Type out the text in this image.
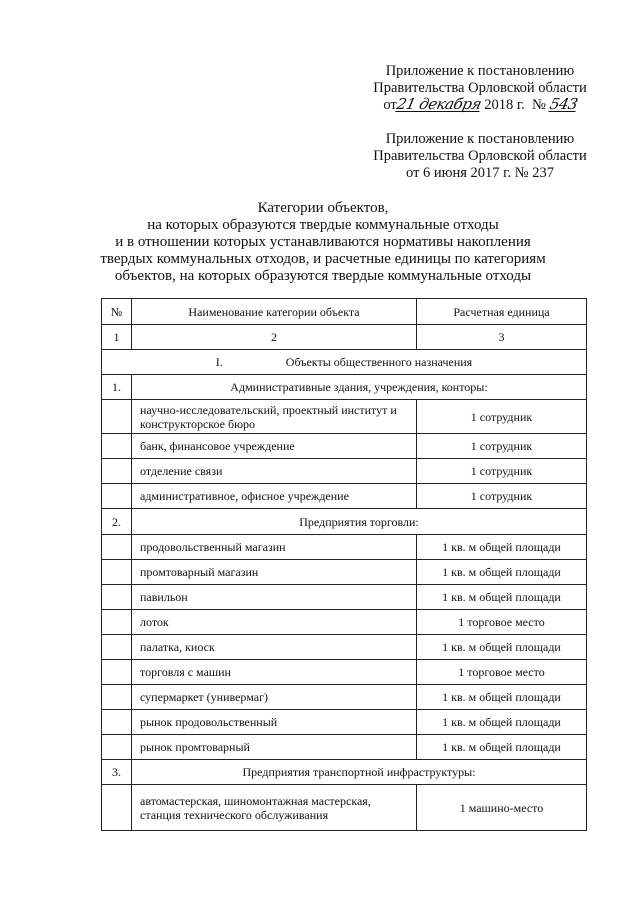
Приложение к постановлению
Правительства Орловской области
от21 декабря 2018 г. № 543
Приложение к постановлению
Правительства Орловской области
от 6 июня 2017 г. № 237
Категории объектов,
на которых образуются твердые коммунальные отходы
и в отношении которых устанавливаются нормативы накопления
твердых коммунальных отходов, и расчетные единицы по категориям
объектов, на которых образуются твердые коммунальные отходы
№	Наименование категории объекта	Расчетная единица
1	2	3
I. Объекты общественного назначения		
1.	Административные здания, учреждения, конторы:	
	научно-исследовательский, проектный институт и конструкторское бюро	1 сотрудник
	банк, финансовое учреждение	1 сотрудник
	отделение связи	1 сотрудник
	административное, офисное учреждение	1 сотрудник
2.	Предприятия торговли:	
	продовольственный магазин	1 кв. м общей площади
	промтоварный магазин	1 кв. м общей площади
	павильон	1 кв. м общей площади
	лоток	1 торговое место
	палатка, киоск	1 кв. м общей площади
	торговля с машин	1 торговое место
	супермаркет (универмаг)	1 кв. м общей площади
	рынок продовольственный	1 кв. м общей площади
	рынок промтоварный	1 кв. м общей площади
3.	Предприятия транспортной инфраструктуры:	
	автомастерская, шиномонтажная мастерская, станция технического обслуживания	1 машино-место
